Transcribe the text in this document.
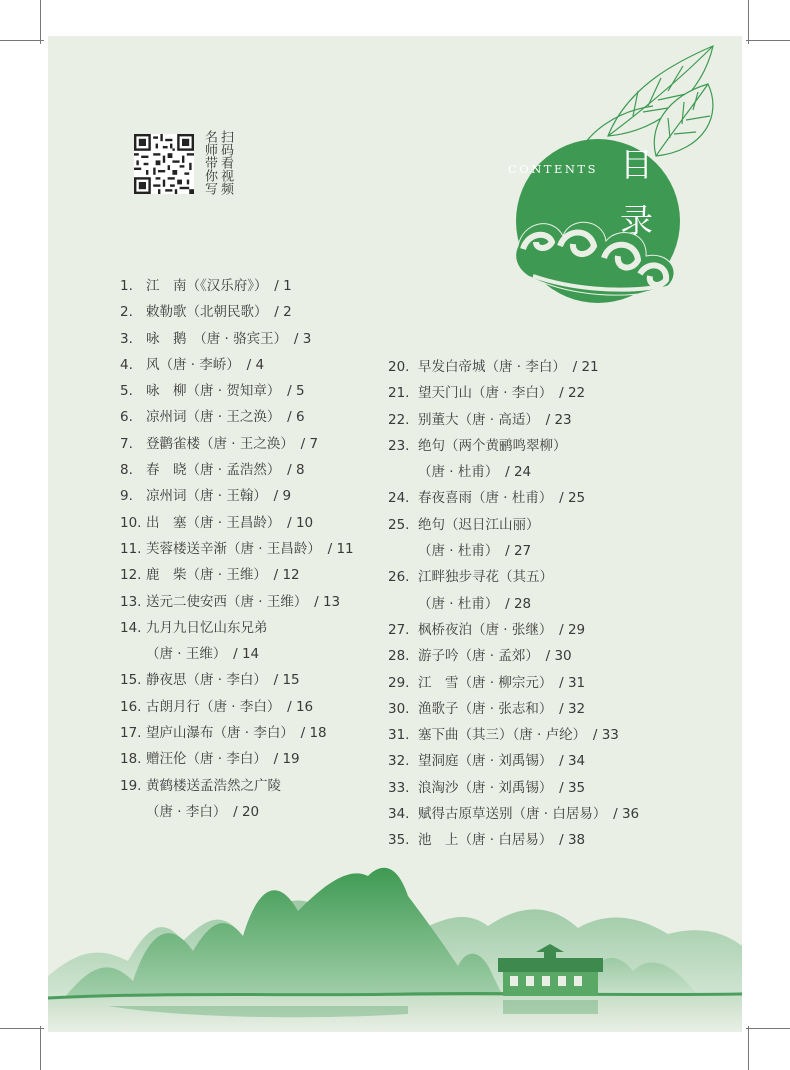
扫码看视频
名师带你写	CONTENTS 目
录
1. 江　南（《汉乐府》）　/ 1
2. 敕勒歌（北朝民歌）　/ 2
3. 咏　鹅　（唐 · 骆宾王）　/ 3
4. 风（唐 · 李峤）　/ 4
5. 咏　柳（唐 · 贺知章）　/ 5
6. 凉州词（唐 · 王之涣）　/ 6
7. 登鹳雀楼（唐 · 王之涣）　/ 7
8. 春　晓（唐 · 孟浩然）　/ 8
9. 凉州词（唐 · 王翰）　/ 9
10. 出　塞（唐 · 王昌龄）　/ 10
11. 芙蓉楼送辛渐（唐 · 王昌龄）　/ 11
12. 鹿　柴（唐 · 王维）　/ 12
13. 送元二使安西（唐 · 王维）　/ 13
14. 九月九日忆山东兄弟
（唐 · 王维）　/ 14
15. 静夜思（唐 · 李白）　/ 15
16. 古朗月行（唐 · 李白）　/ 16
17. 望庐山瀑布（唐 · 李白）　/ 18
18. 赠汪伦（唐 · 李白）　/ 19
19. 黄鹤楼送孟浩然之广陵
（唐 · 李白）　/ 20
20. 早发白帝城（唐 · 李白）　/ 21
21. 望天门山（唐 · 李白）　/ 22
22. 别董大（唐 · 高适）　/ 23
23. 绝句（两个黄鹂鸣翠柳）
（唐 · 杜甫）　/ 24
24. 春夜喜雨（唐 · 杜甫）　/ 25
25. 绝句（迟日江山丽）
（唐 · 杜甫）　/ 27
26. 江畔独步寻花（其五）
（唐 · 杜甫）　/ 28
27. 枫桥夜泊（唐 · 张继）　/ 29
28. 游子吟（唐 · 孟郊）　/ 30
29. 江　雪（唐 · 柳宗元）　/ 31
30. 渔歌子（唐 · 张志和）　/ 32
31. 塞下曲（其三）（唐 · 卢纶）　/ 33
32. 望洞庭（唐 · 刘禹锡）　/ 34
33. 浪淘沙（唐 · 刘禹锡）　/ 35
34. 赋得古原草送别（唐 · 白居易）　/ 36
35. 池　上（唐 · 白居易）　/ 38
